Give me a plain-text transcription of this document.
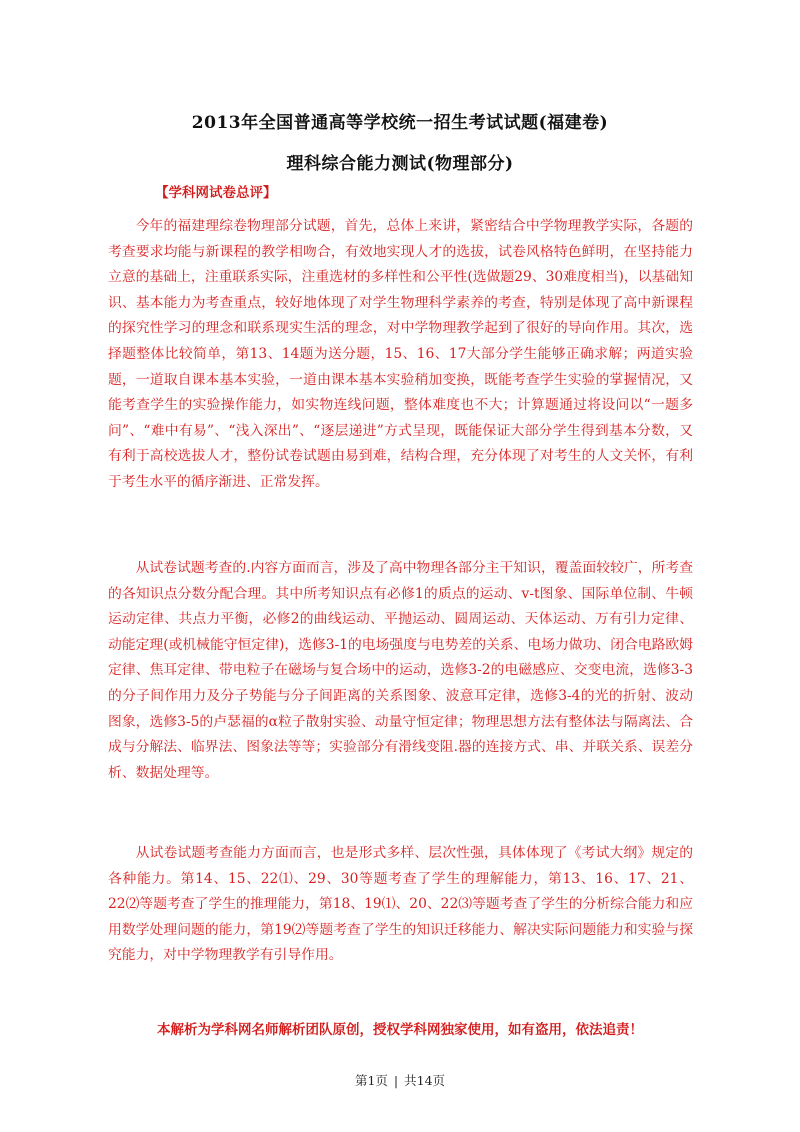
2013年全国普通高等学校统一招生考试试题(福建卷)
理科综合能力测试(物理部分)
【学科网试卷总评】

今年的福建理综卷物理部分试题，首先，总体上来讲，紧密结合中学物理教学实际，各题的考查要求均能与新课程的教学相吻合，有效地实现人才的选拔，试卷风格特色鲜明，在坚持能力立意的基础上，注重联系实际，注重选材的多样性和公平性(选做题29、30难度相当)，以基础知识、基本能力为考查重点，较好地体现了对学生物理科学素养的考查，特别是体现了高中新课程的探究性学习的理念和联系现实生活的理念，对中学物理教学起到了很好的导向作用。其次，选择题整体比较简单，第13、14题为送分题，15、16、17大部分学生能够正确求解；两道实验题，一道取自课本基本实验，一道由课本基本实验稍加变换，既能考查学生实验的掌握情况，又能考查学生的实验操作能力，如实物连线问题，整体难度也不大；计算题通过将设问以“一题多问”、“难中有易”、“浅入深出”、“逐层递进”方式呈现，既能保证大部分学生得到基本分数，又有利于高校选拔人才，整份试卷试题由易到难，结构合理，充分体现了对考生的人文关怀，有利于考生水平的循序渐进、正常发挥。

从试卷试题考查的.内容方面而言，涉及了高中物理各部分主干知识，覆盖面较较广，所考查的各知识点分数分配合理。其中所考知识点有必修1的质点的运动、v-t图象、国际单位制、牛顿运动定律、共点力平衡，必修2的曲线运动、平抛运动、圆周运动、天体运动、万有引力定律、动能定理(或机械能守恒定律)，选修3-1的电场强度与电势差的关系、电场力做功、闭合电路欧姆定律、焦耳定律、带电粒子在磁场与复合场中的运动，选修3-2的电磁感应、交变电流，选修3-3的分子间作用力及分子势能与分子间距离的关系图象、波意耳定律，选修3-4的光的折射、波动图象，选修3-5的卢瑟福的α粒子散射实验、动量守恒定律；物理思想方法有整体法与隔离法、合成与分解法、临界法、图象法等等；实验部分有滑线变阻.器的连接方式、串、并联关系、误差分析、数据处理等。

从试卷试题考查能力方面而言，也是形式多样、层次性强，具体体现了《考试大纲》规定的各种能力。第14、15、22⑴、29、30等题考查了学生的理解能力，第13、16、17、21、22⑵等题考查了学生的推理能力，第18、19⑴、20、22⑶等题考查了学生的分析综合能力和应用数学处理问题的能力，第19⑵等题考查了学生的知识迁移能力、解决实际问题能力和实验与探究能力，对中学物理教学有引导作用。

本解析为学科网名师解析团队原创，授权学科网独家使用，如有盗用，依法追责！
第1页 | 共14页
